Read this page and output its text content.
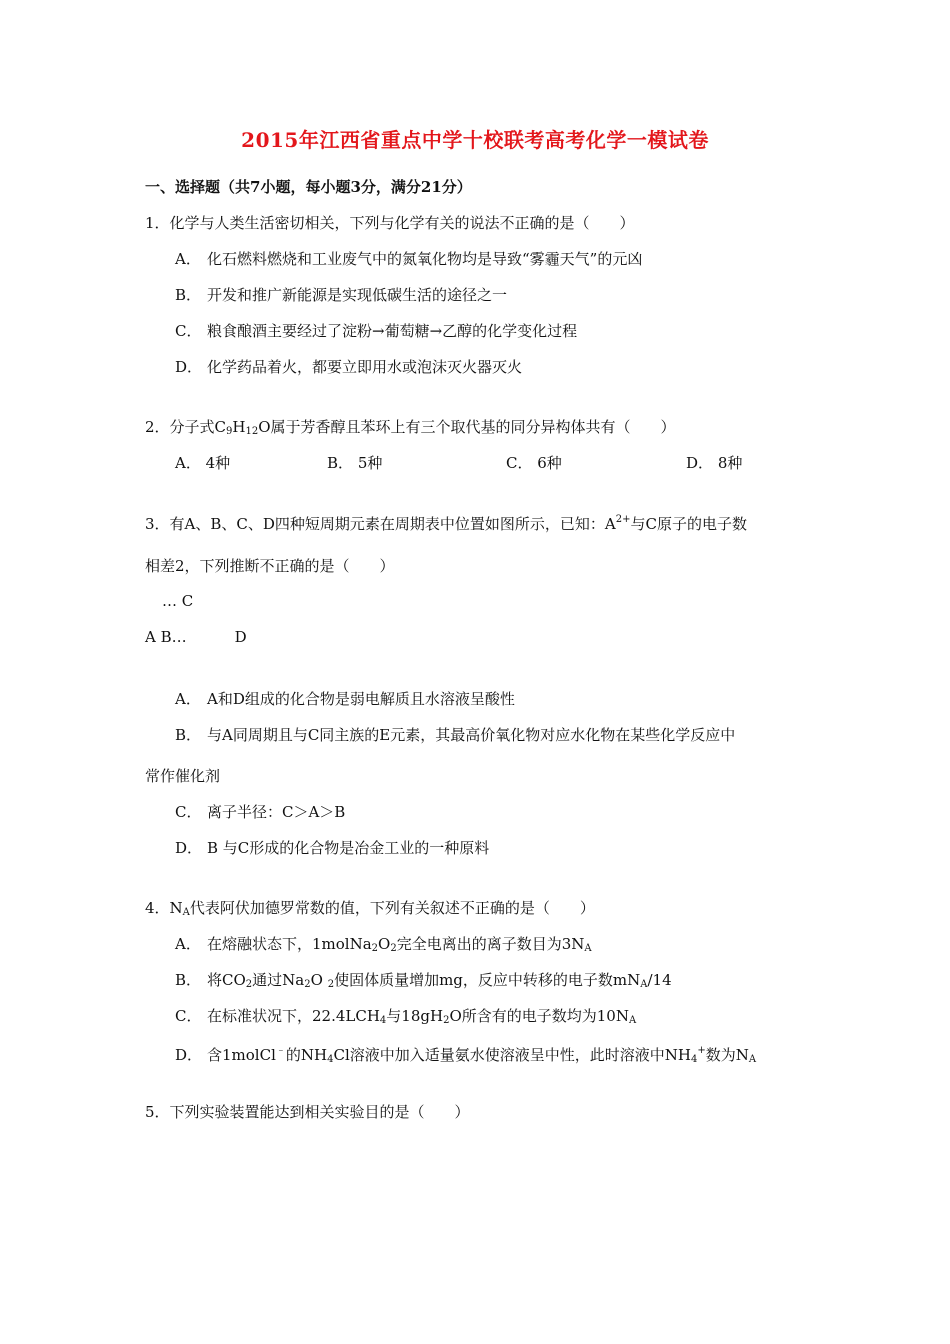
2015年江西省重点中学十校联考高考化学一模试卷
一、选择题（共7小题，每小题3分，满分21分）
1．化学与人类生活密切相关，下列与化学有关的说法不正确的是（　　）
A． 化石燃料燃烧和工业废气中的氮氧化物均是导致“雾霾天气”的元凶
B． 开发和推广新能源是实现低碳生活的途径之一
C． 粮食酿酒主要经过了淀粉→葡萄糖→乙醇的化学变化过程
D． 化学药品着火，都要立即用水或泡沫灭火器灭火
2．分子式$C_9H_{12}O$属于芳香醇且苯环上有三个取代基的同分异构体共有（　　）
A． 4种	B． 5种	C． 6种	D． 8种
3．有A、B、C、D四种短周期元素在周期表中位置如图所示，已知：$A^{2+}$与C原子的电子数
相差2，下列推断不正确的是（　　）
… C
A B…	D
A． A和D组成的化合物是弱电解质且水溶液呈酸性
B． 与A同周期且与C同主族的E元素，其最高价氧化物对应水化物在某些化学反应中
常作催化剂
C． 离子半径：C＞A＞B
D． B 与C形成的化合物是冶金工业的一种原料
4．$N_A$代表阿伏加德罗常数的值，下列有关叙述不正确的是（　　）
A． 在熔融状态下，$1molNa_2O_2$完全电离出的离子数目为$3N_A$
B． 将$CO_2$通过$Na_2O$ $_2$使固体质量增加mg，反应中转移的电子数$mN_A/14$
C． 在标准状况下，$22.4LCH_4$与$18gH_2O$所含有的电子数均为$10N_A$
D． 含1molCl﹣的$NH_4Cl$溶液中加入适量氨水使溶液呈中性，此时溶液中$NH_4^+$数为$N_A$
5．下列实验装置能达到相关实验目的是（　　）
